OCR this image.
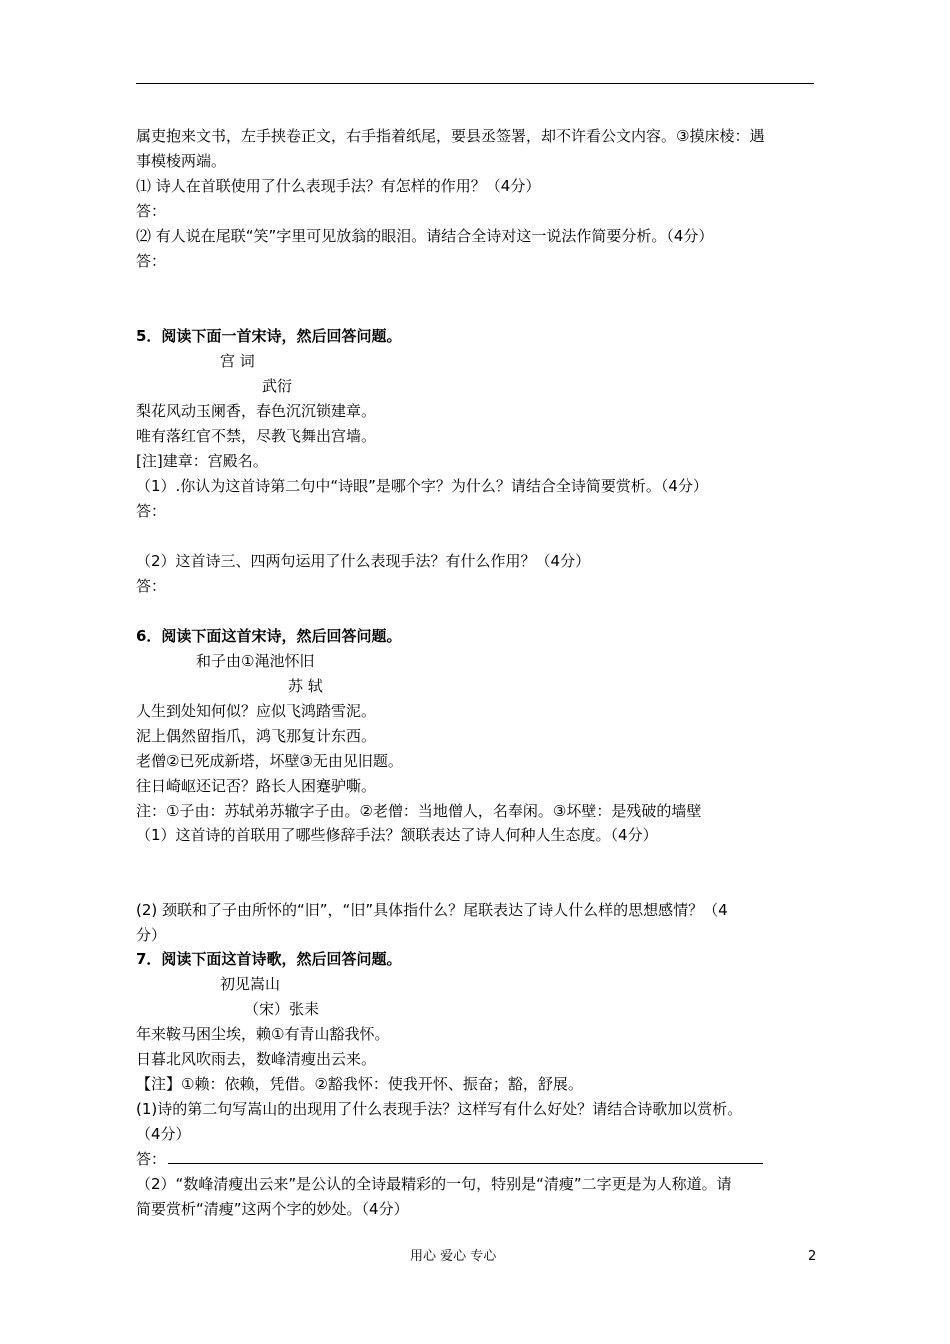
属吏抱来文书，左手挟卷正文，右手指着纸尾，要县丞签署，却不许看公文内容。③摸床棱：遇
事模棱两端。
⑴ 诗人在首联使用了什么表现手法？有怎样的作用？（4分）
答：
⑵ 有人说在尾联“笑”字里可见放翁的眼泪。请结合全诗对这一说法作简要分析。（4分）
答：
5．阅读下面一首宋诗，然后回答问题。
宫 词
武衍
梨花风动玉阑香，春色沉沉锁建章。
唯有落红官不禁，尽教飞舞出宫墙。
[注]建章：宫殿名。
（1）.你认为这首诗第二句中“诗眼”是哪个字？为什么？请结合全诗简要赏析。（4分）
答：
（2）这首诗三、四两句运用了什么表现手法？有什么作用？（4分）
答：
6．阅读下面这首宋诗，然后回答问题。
和子由①渑池怀旧
苏 轼
人生到处知何似？应似飞鸿踏雪泥。
泥上偶然留指爪，鸿飞那复计东西。
老僧②已死成新塔，坏壁③无由见旧题。
往日崎岖还记否？路长人困蹇驴嘶。
注：①子由：苏轼弟苏辙字子由。②老僧：当地僧人，名奉闲。③坏壁：是残破的墙壁
（1）这首诗的首联用了哪些修辞手法？颔联表达了诗人何种人生态度。（4分）
(2) 颈联和了子由所怀的“旧”，“旧”具体指什么？尾联表达了诗人什么样的思想感情？（4
分）
7．阅读下面这首诗歌，然后回答问题。
初见嵩山
（宋）张耒
年来鞍马困尘埃，赖①有青山豁我怀。
日暮北风吹雨去，数峰清瘦出云来。
【注】①赖：依赖，凭借。②豁我怀：使我开怀、振奋；豁，舒展。
(1)诗的第二句写嵩山的出现用了什么表现手法？这样写有什么好处？请结合诗歌加以赏析。
（4分）
答：
（2）“数峰清瘦出云来”是公认的全诗最精彩的一句，特别是“清瘦”二字更是为人称道。请
简要赏析“清瘦”这两个字的妙处。（4分）
用心 爱心 专心	2
